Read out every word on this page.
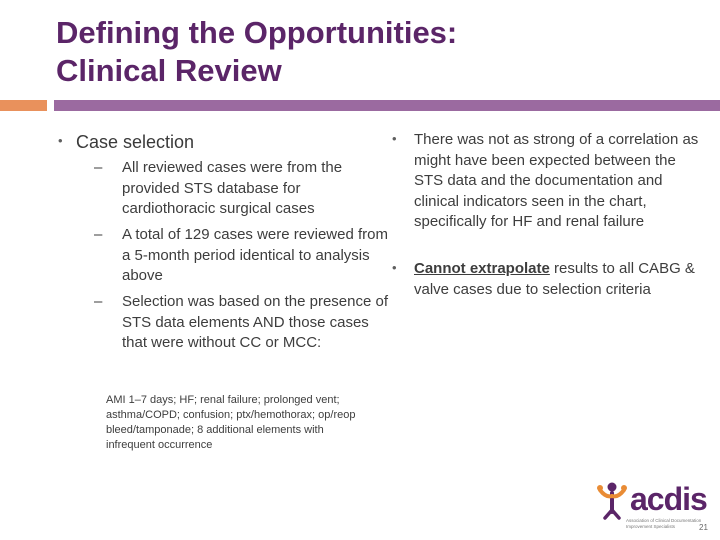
Defining the Opportunities:
Clinical Review
• Case selection
– All reviewed cases were from the provided STS database for cardiothoracic surgical cases
– A total of 129 cases were reviewed from a 5-month period identical to analysis above
– Selection was based on the presence of STS data elements AND those cases that were without CC or MCC:
AMI 1–7 days; HF; renal failure; prolonged vent; asthma/COPD; confusion; ptx/hemothorax; op/reop bleed/tamponade; 8 additional elements with infrequent occurrence
• There was not as strong of a correlation as might have been expected between the STS data and the documentation and clinical indicators seen in the chart, specifically for HF and renal failure
• Cannot extrapolate results to all CABG & valve cases due to selection criteria
acdis
Association of Clinical Documentation Improvement Specialists	21
